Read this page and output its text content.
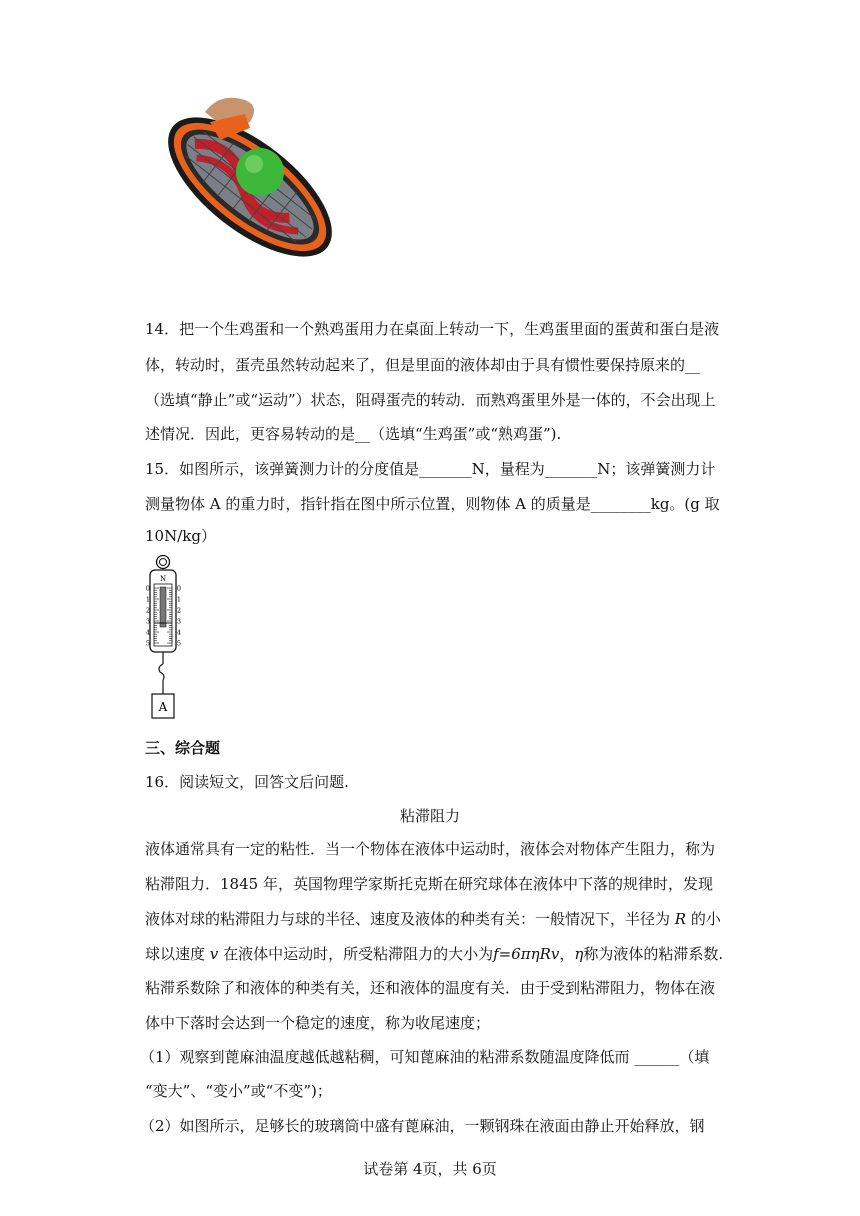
14．把一个生鸡蛋和一个熟鸡蛋用力在桌面上转动一下，生鸡蛋里面的蛋黄和蛋白是液
体，转动时，蛋壳虽然转动起来了，但是里面的液体却由于具有惯性要保持原来的__
（选填“静止”或“运动”）状态，阻碍蛋壳的转动．而熟鸡蛋里外是一体的，不会出现上
述情况．因此，更容易转动的是__（选填“生鸡蛋”或“熟鸡蛋”).
15．如图所示，该弹簧测力计的分度值是_______N，量程为_______N；该弹簧测力计
测量物体 A 的重力时，指针指在图中所示位置，则物体 A 的质量是________kg。(g 取
10N/kg）
N
0
1
2
3
4
5
0
1
2
3
4
5
A
三、综合题
16．阅读短文，回答文后问题.
粘滞阻力
液体通常具有一定的粘性．当一个物体在液体中运动时，液体会对物体产生阻力，称为
粘滞阻力．1845 年，英国物理学家斯托克斯在研究球体在液体中下落的规律时，发现
液体对球的粘滞阻力与球的半径、速度及液体的种类有关：一般情况下，半径为 R 的小
球以速度 v 在液体中运动时，所受粘滞阻力的大小为f=6πηRv，η称为液体的粘滞系数.
粘滞系数除了和液体的种类有关，还和液体的温度有关．由于受到粘滞阻力，物体在液
体中下落时会达到一个稳定的速度，称为收尾速度；
（1）观察到蓖麻油温度越低越粘稠，可知蓖麻油的粘滞系数随温度降低而 ______（填
“变大”、“变小”或“不变”)；
（2）如图所示，足够长的玻璃筒中盛有蓖麻油，一颗钢珠在液面由静止开始释放，钢
试卷第 4页，共 6页
